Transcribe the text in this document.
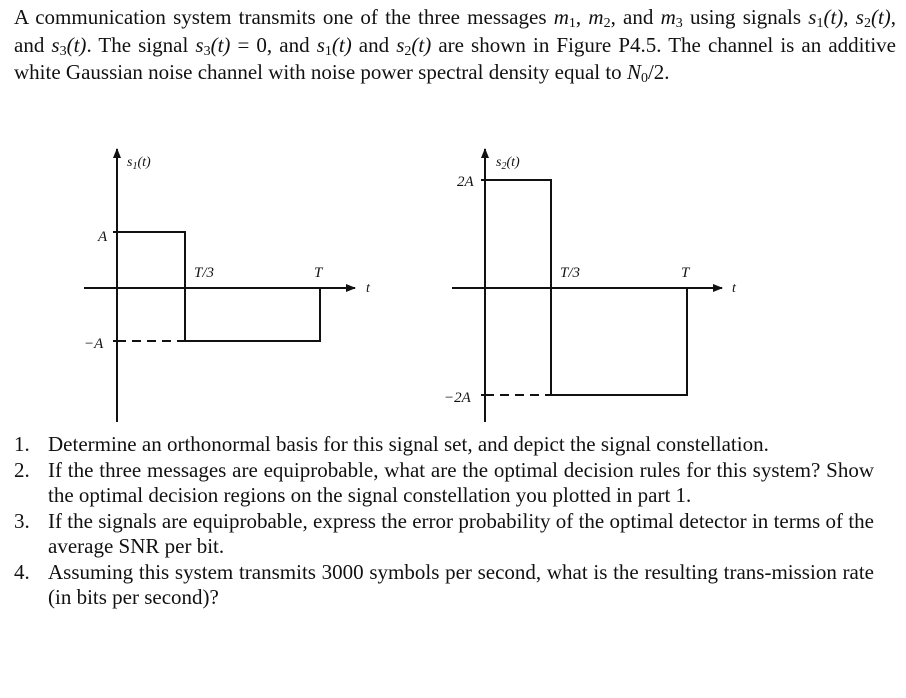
A communication system transmits one of the three messages $m_1$, $m_2$, and $m_3$ using signals $s_1(t)$, $s_2(t)$, and $s_3(t)$. The signal $s_3(t) = 0$, and $s_1(t)$ and $s_2(t)$ are shown in Figure P4.5. The channel is an additive white Gaussian noise channel with noise power spectral density equal to $N_0/2$.
$s_1(t)$
A
−A
T/3	T
t
$s_2(t)$
2A
−2A
T/3	T
t
1. Determine an orthonormal basis for this signal set, and depict the signal constellation.
2. If the three messages are equiprobable, what are the optimal decision rules for this system? Show the optimal decision regions on the signal constellation you plotted in part 1.
3. If the signals are equiprobable, express the error probability of the optimal detector in terms of the average SNR per bit.
4. Assuming this system transmits 3000 symbols per second, what is the resulting trans-mission rate (in bits per second)?
